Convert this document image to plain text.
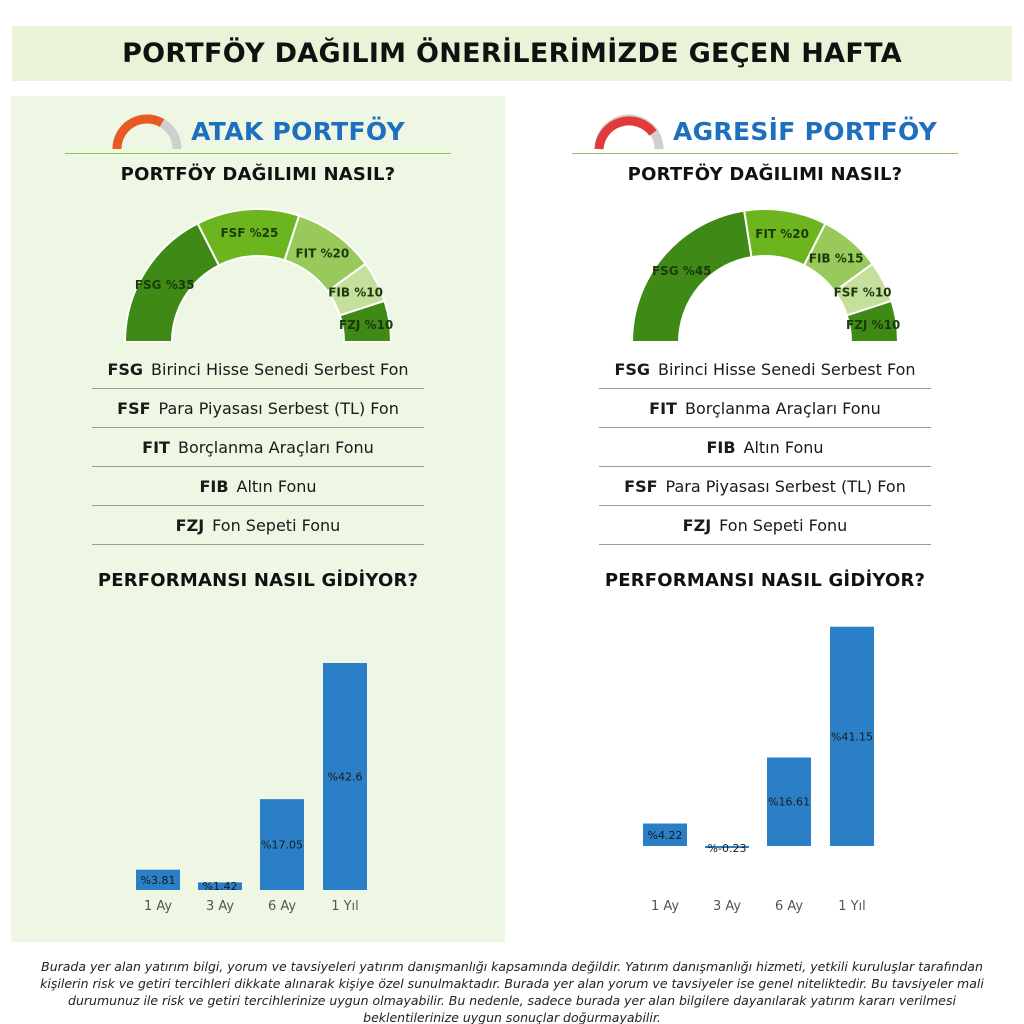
PORTFÖY DAĞILIM ÖNERİLERİMİZDE GEÇEN HAFTA
ATAK PORTFÖY
PORTFÖY DAĞILIMI NASIL?
FSG %35
FSF %25
FIT %20
FIB %10
FZJ %10
FSG Birinci Hisse Senedi Serbest Fon
FSF Para Piyasası Serbest (TL) Fon
FIT Borçlanma Araçları Fonu
FIB Altın Fonu
FZJ Fon Sepeti Fonu
PERFORMANSI NASIL GİDİYOR?
%3.81 %1.42
%17.05
%42.6
1 Ay	3 Ay	6 Ay	1 Yıl
AGRESİF PORTFÖY
PORTFÖY DAĞILIMI NASIL?
FSG %45
FIT %20
FIB %15
FSF %10
FZJ %10
FSG Birinci Hisse Senedi Serbest Fon
FIT Borçlanma Araçları Fonu
FIB Altın Fonu
FSF Para Piyasası Serbest (TL) Fon
FZJ Fon Sepeti Fonu
PERFORMANSI NASIL GİDİYOR?
%4.22
%-0.23
%16.61
%41.15
1 Ay	3 Ay	6 Ay	1 Yıl
Burada yer alan yatırım bilgi, yorum ve tavsiyeleri yatırım danışmanlığı kapsamında değildir. Yatırım danışmanlığı hizmeti, yetkili kuruluşlar tarafından kişilerin risk ve getiri tercihleri dikkate alınarak kişiye özel sunulmaktadır. Burada yer alan yorum ve tavsiyeler ise genel niteliktedir. Bu tavsiyeler mali durumunuz ile risk ve getiri tercihlerinize uygun olmayabilir. Bu nedenle, sadece burada yer alan bilgilere dayanılarak yatırım kararı verilmesi beklentilerinize uygun sonuçlar doğurmayabilir.
